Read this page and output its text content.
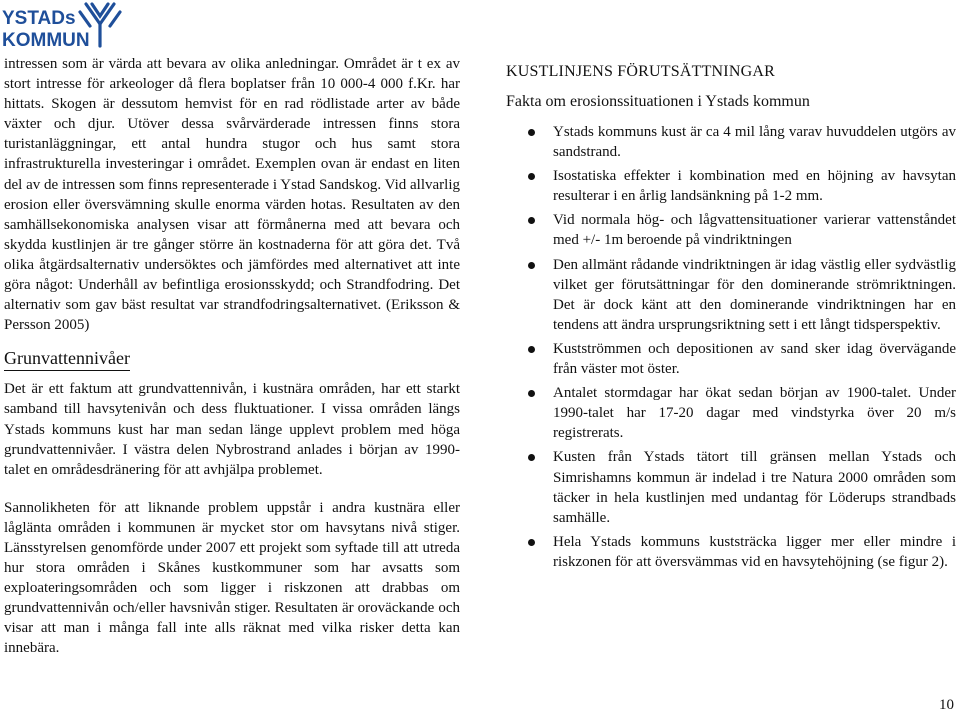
YSTADs
KOMMUN

intressen som är värda att bevara av olika anledningar. Området är t ex av stort intresse för arkeologer då flera boplatser från 10 000-4 000 f.Kr. har hittats. Skogen är dessutom hemvist för en rad rödlistade arter av både växter och djur. Utöver dessa svårvärderade intressen finns stora turistanläggningar, ett antal hundra stugor och hus samt stora infrastrukturella investeringar i området. Exemplen ovan är endast en liten del av de intressen som finns representerade i Ystad Sandskog. Vid allvarlig erosion eller översvämning skulle enorma värden hotas. Resultaten av den samhällsekonomiska analysen visar att förmånerna med att bevara och skydda kustlinjen är tre gånger större än kostnaderna för att göra det. Två olika åtgärdsalternativ undersöktes och jämfördes med alternativet att inte göra något: Underhåll av befintliga erosionsskydd; och Strandfodring. Det alternativ som gav bäst resultat var strandfodringsalternativet. (Eriksson & Persson 2005)

Grunvattennivåer

Det är ett faktum att grundvattennivån, i kustnära områden, har ett starkt samband till havsytenivån och dess fluktuationer. I vissa områden längs Ystads kommuns kust har man sedan länge upplevt problem med höga grundvattennivåer. I västra delen Nybrostrand anlades i början av 1990-talet en områdesdränering för att avhjälpa problemet.

Sannolikheten för att liknande problem uppstår i andra kustnära eller låglänta områden i kommunen är mycket stor om havsytans nivå stiger. Länsstyrelsen genomförde under 2007 ett projekt som syftade till att utreda hur stora områden i Skånes kustkommuner som har avsatts som exploateringsområden och som ligger i riskzonen att drabbas om grundvattennivån och/eller havsnivån stiger. Resultaten är oroväckande och visar att man i många fall inte alls räknat med vilka risker detta kan innebära.

KUSTLINJENS FÖRUTSÄTTNINGAR
Fakta om erosionssituationen i Ystads kommun
Ystads kommuns kust är ca 4 mil lång varav huvuddelen utgörs av sandstrand.
Isostatiska effekter i kombination med en höjning av havsytan resulterar i en årlig landsänkning på 1-2 mm.
Vid normala hög- och lågvattensituationer varierar vattenståndet med +/- 1m beroende på vindriktningen
Den allmänt rådande vindriktningen är idag västlig eller sydvästlig vilket ger förutsättningar för den dominerande strömriktningen. Det är dock känt att den dominerande vindriktningen har en tendens att ändra ursprungsriktning sett i ett långt tidsperspektiv.
Kustströmmen och depositionen av sand sker idag övervägande från väster mot öster.
Antalet stormdagar har ökat sedan början av 1900-talet. Under 1990-talet har 17-20 dagar med vindstyrka över 20 m/s registrerats.
Kusten från Ystads tätort till gränsen mellan Ystads och Simrishamns kommun är indelad i tre Natura 2000 områden som täcker in hela kustlinjen med undantag för Löderups strandbads samhälle.
Hela Ystads kommuns kuststräcka ligger mer eller mindre i riskzonen för att översvämmas vid en havsytehöjning (se figur 2).
10
